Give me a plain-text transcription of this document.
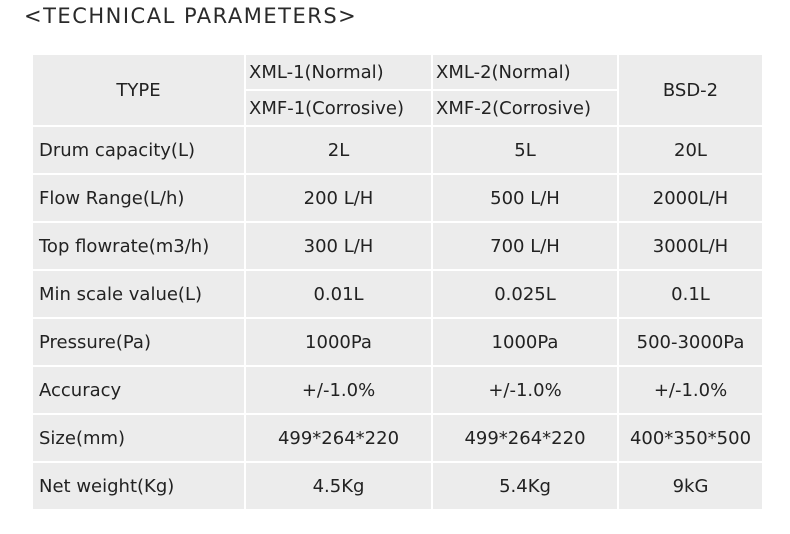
<TECHNICAL PARAMETERS>
TYPE	XML-1(Normal)	XML-2(Normal)	BSD-2
	XMF-1(Corrosive)	XMF-2(Corrosive)	
Drum capacity(L)	2L	5L	20L
Flow Range(L/h)	200 L/H	500 L/H	2000L/H
Top flowrate(m3/h)	300 L/H	700 L/H	3000L/H
Min scale value(L)	0.01L	0.025L	0.1L
Pressure(Pa)	1000Pa	1000Pa	500-3000Pa
Accuracy	+/-1.0%	+/-1.0%	+/-1.0%
Size(mm)	499*264*220	499*264*220	400*350*500
Net weight(Kg)	4.5Kg	5.4Kg	9kG
